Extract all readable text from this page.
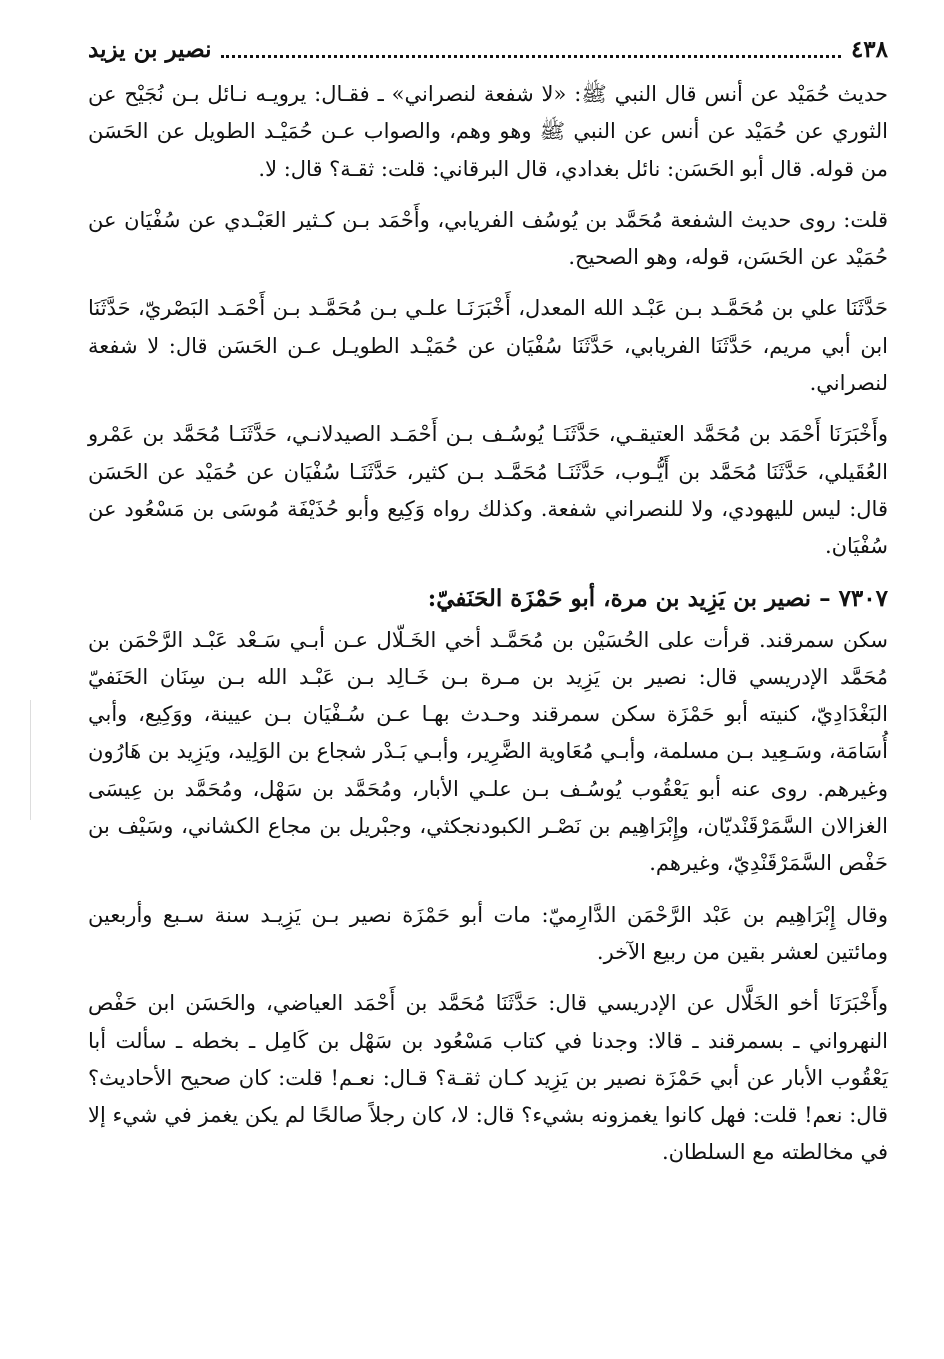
٤٣٨
نصير بن يزيد

حديث حُمَيْد عن أنس قال النبي ﷺ: «لا شفعة لنصراني» ـ فقـال: يرويـه نـائل بـن نُجَيْح عن الثوري عن حُمَيْد عن أنس عن النبي ﷺ وهو وهم، والصواب عـن حُمَيْـد الطويل عن الحَسَن من قوله. قال أبو الحَسَن: نائل بغدادي، قال البرقاني: قلت: ثقـة؟ قال: لا.

قلت: روى حديث الشفعة مُحَمَّد بن يُوسُف الفريابي، وأَحْمَد بـن كـثير العَبْـدي عن سُفْيَان عن حُمَيْد عن الحَسَن، قوله، وهو الصحيح.

حَدَّثَنَا علي بن مُحَمَّـد بـن عَبْـد الله المعدل، أَخْبَرَنَـا علـي بـن مُحَمَّـد بـن أَحْمَـد البَصْريّ، حَدَّثَنَا ابن أبي مريم، حَدَّثَنَا الفريابي، حَدَّثَنَا سُفْيَان عن حُمَيْـد الطويـل عـن الحَسَن قال: لا شفعة لنصراني.

وأَخْبَرَنَا أَحْمَد بن مُحَمَّد العتيقـي، حَدَّثَنَـا يُوسُـف بـن أَحْمَـد الصيدلانـي، حَدَّثَنَـا مُحَمَّد بن عَمْرو العُقَيلي، حَدَّثَنَا مُحَمَّد بن أَيُّـوب، حَدَّثَنَـا مُحَمَّـد بـن كثير، حَدَّثَنَـا سُفْيَان عن حُمَيْد عن الحَسَن قال: ليس لليهودي، ولا للنصراني شفعة. وكذلك رواه وَكِيع وأبو حُذَيْفَة مُوسَى بن مَسْعُود عن سُفْيَان.

٧٣٠٧ – نصير بن يَزِيد بن مرة، أبو حَمْزَة الحَنَفيّ:

سكن سمرقند. قرأت على الحُسَيْن بن مُحَمَّـد أخي الخَـلّال عـن أبـي سَـعْد عَبْـد الرَّحْمَن بن مُحَمَّد الإدريسي قال: نصير بن يَزِيد بن مـرة بـن خَـالِد بـن عَبْـد الله بـن سِنَان الحَنَفيّ البَغْدَادِيّ، كنيته أبو حَمْزَة سكن سمرقند وحـدث بهـا عـن سُـفْيَان بـن عيينة، ووَكِيع، وأبي أُسَامَة، وسَـعِيد بـن مسلمة، وأبـي مُعَاوية الضَّرِير، وأبـي بَـدْر شجاع بن الوَلِيد، ويَزِيد بن هَارُون وغيرهم. روى عنه أبو يَعْقُوب يُوسُـف بـن علـي الأبار، ومُحَمَّد بن سَهْل، ومُحَمَّد بن عِيسَى الغزالان السَّمَرْقَنْديّان، وإِبْرَاهِيم بن نَصْـر الكبودنجكثي، وجبْريل بن مجاع الكشاني، وسَيْف بن حَفْص السَّمَرْقَنْدِيّ، وغيرهم.

وقال إِبْرَاهِيم بن عَبْد الرَّحْمَن الدَّارِميّ: مات أبو حَمْزَة نصير بـن يَزِيـد سنة سـبع وأربعين ومائتين لعشر بقين من ربيع الآخر.

وأَخْبَرَنَا أخو الخَلَّال عن الإدريسي قال: حَدَّثَنَا مُحَمَّد بن أَحْمَد العياضي، والحَسَن ابن حَفْص النهرواني ـ بسمرقند ـ قالا: وجدنا في كتاب مَسْعُود بن سَهْل بن كَامِل ـ بخطه ـ سألت أبا يَعْقُوب الأبار عن أبي حَمْزَة نصير بن يَزِيد كـان ثقـة؟ قـال: نعـم! قلت: كان صحيح الأحاديث؟ قال: نعم! قلت: فهل كانوا يغمزونه بشيء؟ قال: لا، كان رجلاً صالحًا لم يكن يغمز في شيء إلا في مخالطته مع السلطان.
